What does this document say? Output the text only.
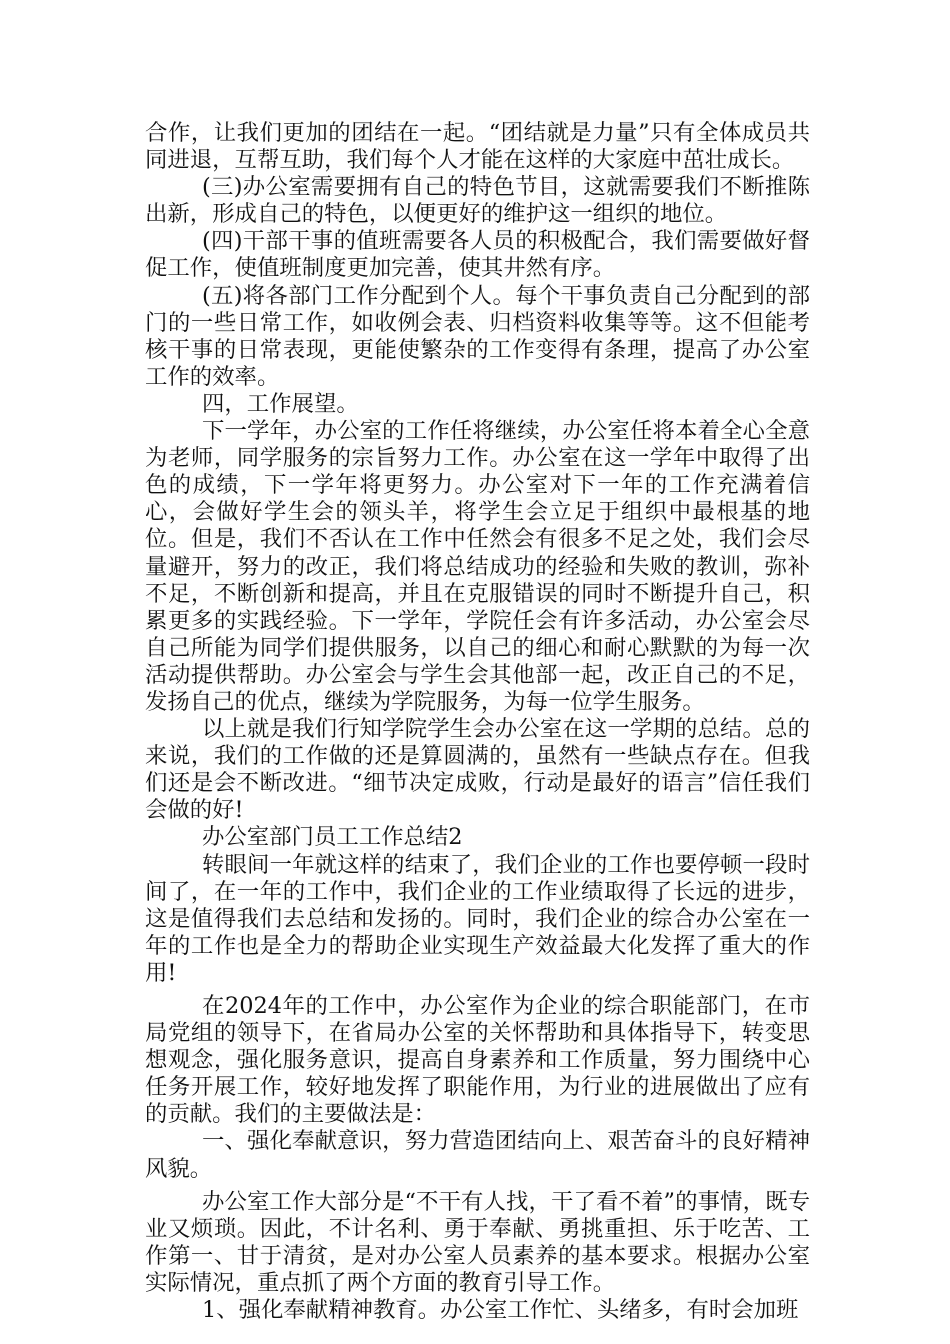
合作，让我们更加的团结在一起。“团结就是力量”只有全体成员共同进退，互帮互助，我们每个人才能在这样的大家庭中茁壮成长。

(三)办公室需要拥有自己的特色节目，这就需要我们不断推陈出新，形成自己的特色，以便更好的维护这一组织的地位。

(四)干部干事的值班需要各人员的积极配合，我们需要做好督促工作，使值班制度更加完善，使其井然有序。

(五)将各部门工作分配到个人。每个干事负责自己分配到的部门的一些日常工作，如收例会表、归档资料收集等等。这不但能考核干事的日常表现，更能使繁杂的工作变得有条理，提高了办公室工作的效率。

四，工作展望。

下一学年，办公室的工作任将继续，办公室任将本着全心全意为老师，同学服务的宗旨努力工作。办公室在这一学年中取得了出色的成绩，下一学年将更努力。办公室对下一年的工作充满着信心，会做好学生会的领头羊，将学生会立足于组织中最根基的地位。但是，我们不否认在工作中任然会有很多不足之处，我们会尽量避开，努力的改正，我们将总结成功的经验和失败的教训，弥补不足，不断创新和提高，并且在克服错误的同时不断提升自己，积累更多的实践经验。下一学年，学院任会有许多活动，办公室会尽自己所能为同学们提供服务，以自己的细心和耐心默默的为每一次活动提供帮助。办公室会与学生会其他部一起，改正自己的不足，发扬自己的优点，继续为学院服务，为每一位学生服务。

以上就是我们行知学院学生会办公室在这一学期的总结。总的来说，我们的工作做的还是算圆满的，虽然有一些缺点存在。但我们还是会不断改进。“细节决定成败，行动是最好的语言”信任我们会做的好!

办公室部门员工工作总结2

转眼间一年就这样的结束了，我们企业的工作也要停顿一段时间了，在一年的工作中，我们企业的工作业绩取得了长远的进步，这是值得我们去总结和发扬的。同时，我们企业的综合办公室在一年的工作也是全力的帮助企业实现生产效益最大化发挥了重大的作用!

在2024年的工作中，办公室作为企业的综合职能部门，在市局党组的领导下，在省局办公室的关怀帮助和具体指导下，转变思想观念，强化服务意识，提高自身素养和工作质量，努力围绕中心任务开展工作，较好地发挥了职能作用，为行业的进展做出了应有的贡献。我们的主要做法是：

一、强化奉献意识，努力营造团结向上、艰苦奋斗的良好精神风貌。

办公室工作大部分是“不干有人找，干了看不着”的事情，既专业又烦琐。因此，不计名利、勇于奉献、勇挑重担、乐于吃苦、工作第一、甘于清贫，是对办公室人员素养的基本要求。根据办公室实际情况，重点抓了两个方面的教育引导工作。

1、强化奉献精神教育。办公室工作忙、头绪多，有时会加班
